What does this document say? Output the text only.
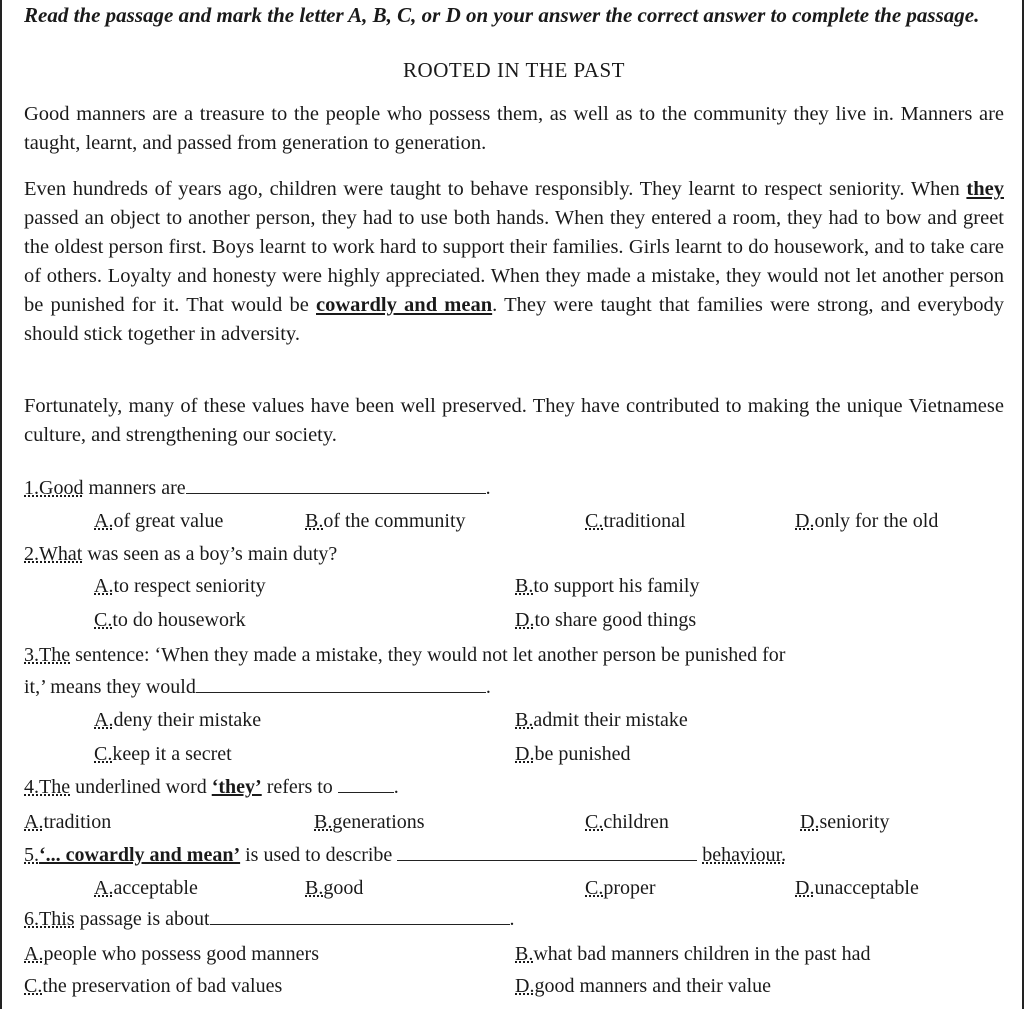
Read the passage and mark the letter A, B, C, or D on your answer the correct answer to complete the passage.
ROOTED IN THE PAST

Good manners are a treasure to the people who possess them, as well as to the community they live in. Manners are taught, learnt, and passed from generation to generation.

Even hundreds of years ago, children were taught to behave responsibly. They learnt to respect seniority. When they passed an object to another person, they had to use both hands. When they entered a room, they had to bow and greet the oldest person first. Boys learnt to work hard to support their families. Girls learnt to do housework, and to take care of others. Loyalty and honesty were highly appreciated. When they made a mistake, they would not let another person be punished for it. That would be cowardly and mean. They were taught that families were strong, and everybody should stick together in adversity.

Fortunately, many of these values have been well preserved. They have contributed to making the unique Vietnamese culture, and strengthening our society.

1.Good manners are	.
A.of great value	B.of the community	C.traditional	D.only for the old
2.What was seen as a boy’s main duty?
A.to respect seniority	B.to support his family
C.to do housework	D.to share good things
3.The sentence: ‘When they made a mistake, they would not let another person be punished for
it,’ means they would	.
A.deny their mistake	B.admit their mistake
C.keep it a secret	D.be punished
4.The underlined word ‘they’ refers to	.
A.tradition	B.generations	C.children	D.seniority
5.‘... cowardly and mean’ is used to describe	behaviour.
A.acceptable	B.good	C.proper	D.unacceptable
6.This passage is about	.
A.people who possess good manners	B.what bad manners children in the past had
C.the preservation of bad values	D.good manners and their value
